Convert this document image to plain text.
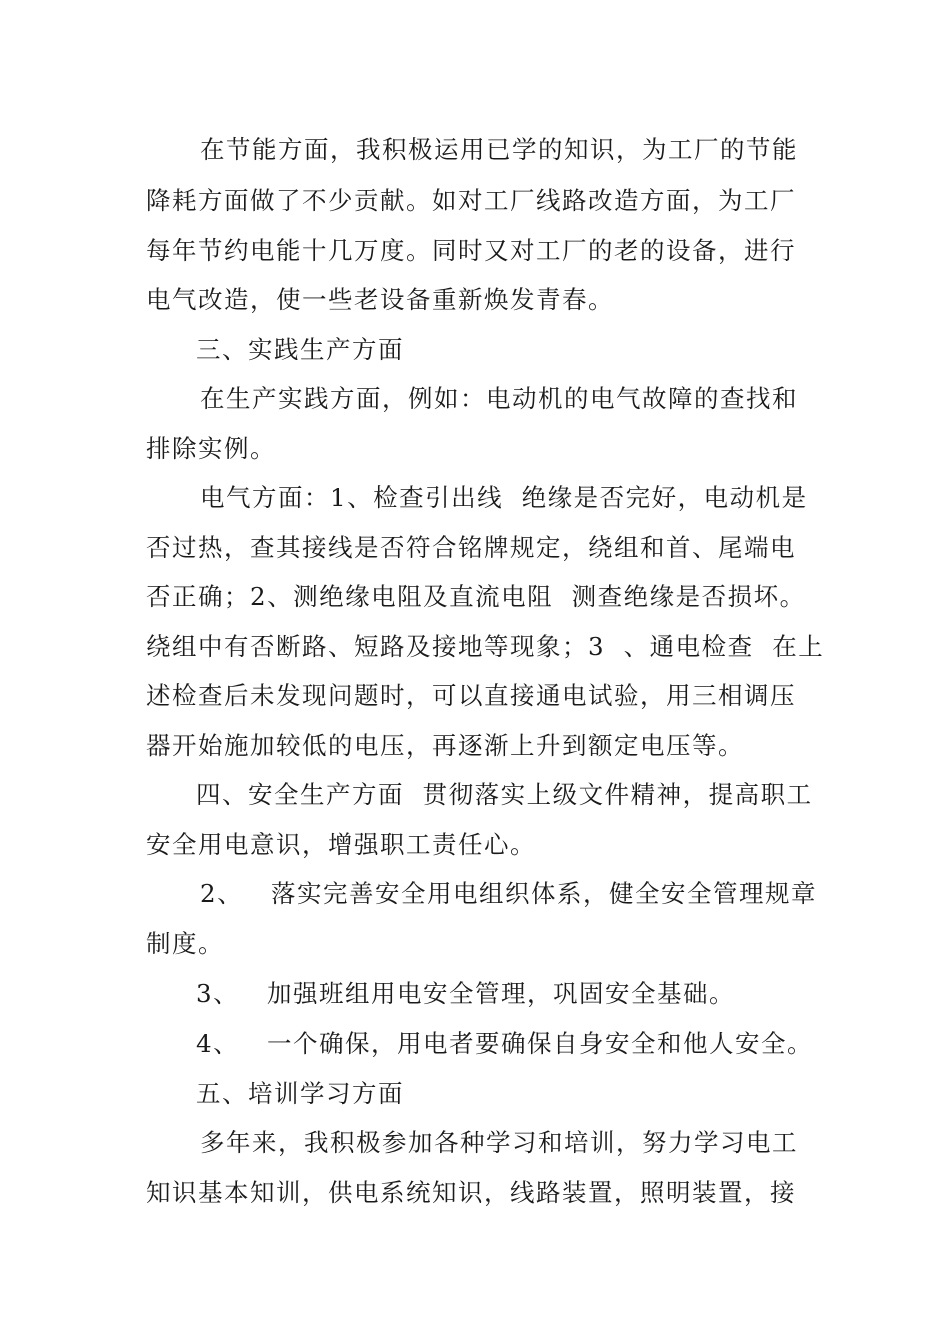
在节能方面，我积极运用已学的知识，为工厂的节能
降耗方面做了不少贡献。如对工厂线路改造方面，为工厂
每年节约电能十几万度。同时又对工厂的老的设备，进行
电气改造，使一些老设备重新焕发青春。
三、实践生产方面
在生产实践方面，例如：电动机的电气故障的查找和
排除实例。
电气方面：1、检查引出线  绝缘是否完好，电动机是
否过热，查其接线是否符合铭牌规定，绕组和首、尾端电
否正确；2、测绝缘电阻及直流电阻  测查绝缘是否损坏。
绕组中有否断路、短路及接地等现象；3  、通电检查  在上
述检查后未发现问题时，可以直接通电试验，用三相调压
器开始施加较低的电压，再逐渐上升到额定电压等。
四、安全生产方面  贯彻落实上级文件精神，提高职工
安全用电意识，增强职工责任心。
2、   落实完善安全用电组织体系，健全安全管理规章
制度。
3、   加强班组用电安全管理，巩固安全基础。
4、   一个确保，用电者要确保自身安全和他人安全。
五、培训学习方面
多年来，我积极参加各种学习和培训，努力学习电工
知识基本知训，供电系统知识，线路装置，照明装置，接
